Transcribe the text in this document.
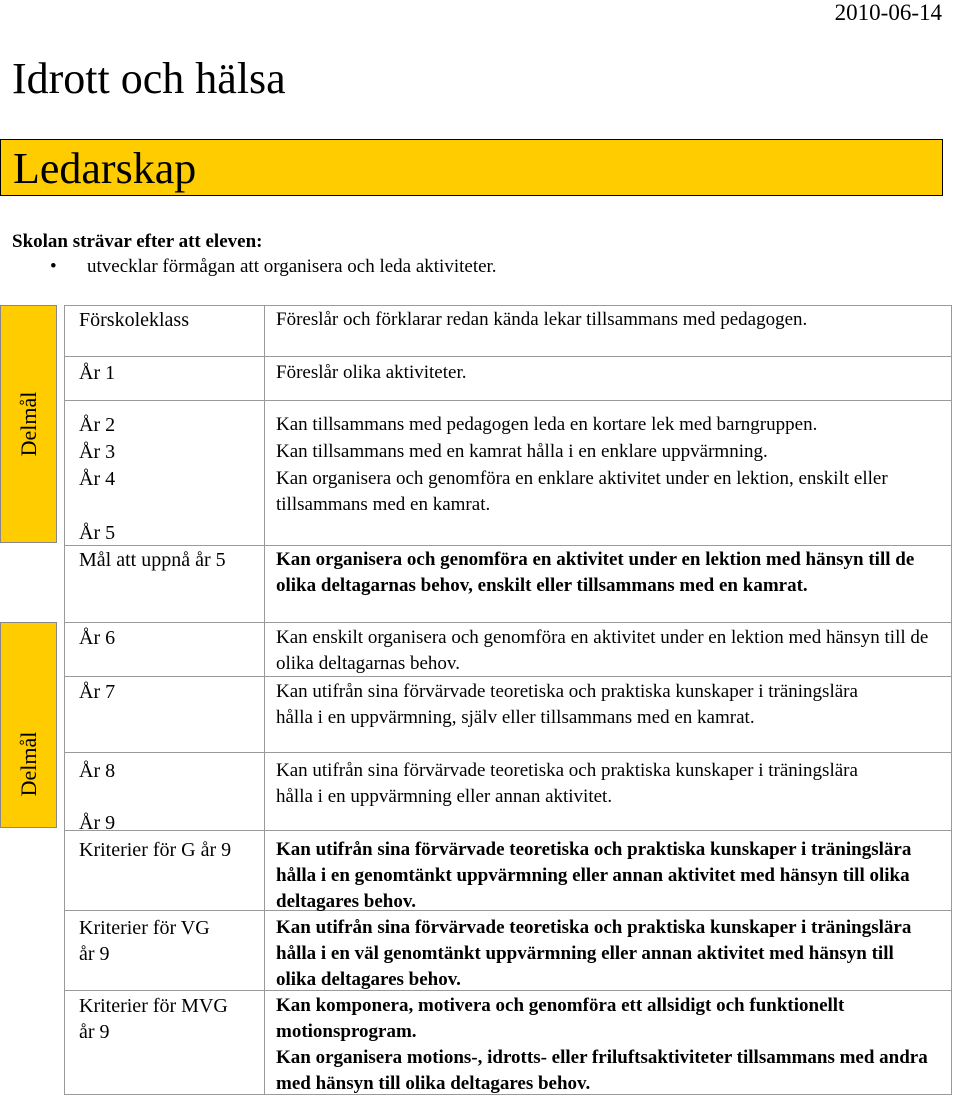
2010-06-14
Idrott och hälsa
Ledarskap
Skolan strävar efter att eleven:
• utvecklar förmågan att organisera och leda aktiviteter.
Delmål
Delmål
Förskoleklass
År 1
År 2
År 3
År 4
År 5
Mål att uppnå år 5
År 6
År 7
År 8
År 9
Kriterier för G år 9
Kriterier för VG
år 9
Kriterier för MVG
år 9
Föreslår och förklarar redan kända lekar tillsammans med pedagogen.
Föreslår olika aktiviteter.
Kan tillsammans med pedagogen leda en kortare lek med barngruppen.
Kan tillsammans med en kamrat hålla i en enklare uppvärmning.
Kan organisera och genomföra en enklare aktivitet under en lektion, enskilt eller tillsammans med en kamrat.
Kan organisera och genomföra en aktivitet under en lektion med hänsyn till de olika deltagarnas behov, enskilt eller tillsammans med en kamrat.
Kan enskilt organisera och genomföra en aktivitet under en lektion med hänsyn till de olika deltagarnas behov.
Kan utifrån sina förvärvade teoretiska och praktiska kunskaper i träningslära hålla i en uppvärmning, själv eller tillsammans med en kamrat.
Kan utifrån sina förvärvade teoretiska och praktiska kunskaper i träningslära hålla i en uppvärmning eller annan aktivitet.
Kan utifrån sina förvärvade teoretiska och praktiska kunskaper i träningslära hålla i en genomtänkt uppvärmning eller annan aktivitet med hänsyn till olika deltagares behov.
Kan utifrån sina förvärvade teoretiska och praktiska kunskaper i träningslära hålla i en väl genomtänkt uppvärmning eller annan aktivitet med hänsyn till olika deltagares behov.
Kan komponera, motivera och genomföra ett allsidigt och funktionellt motionsprogram.
Kan organisera motions-, idrotts- eller friluftsaktiviteter tillsammans med andra med hänsyn till olika deltagares behov.
